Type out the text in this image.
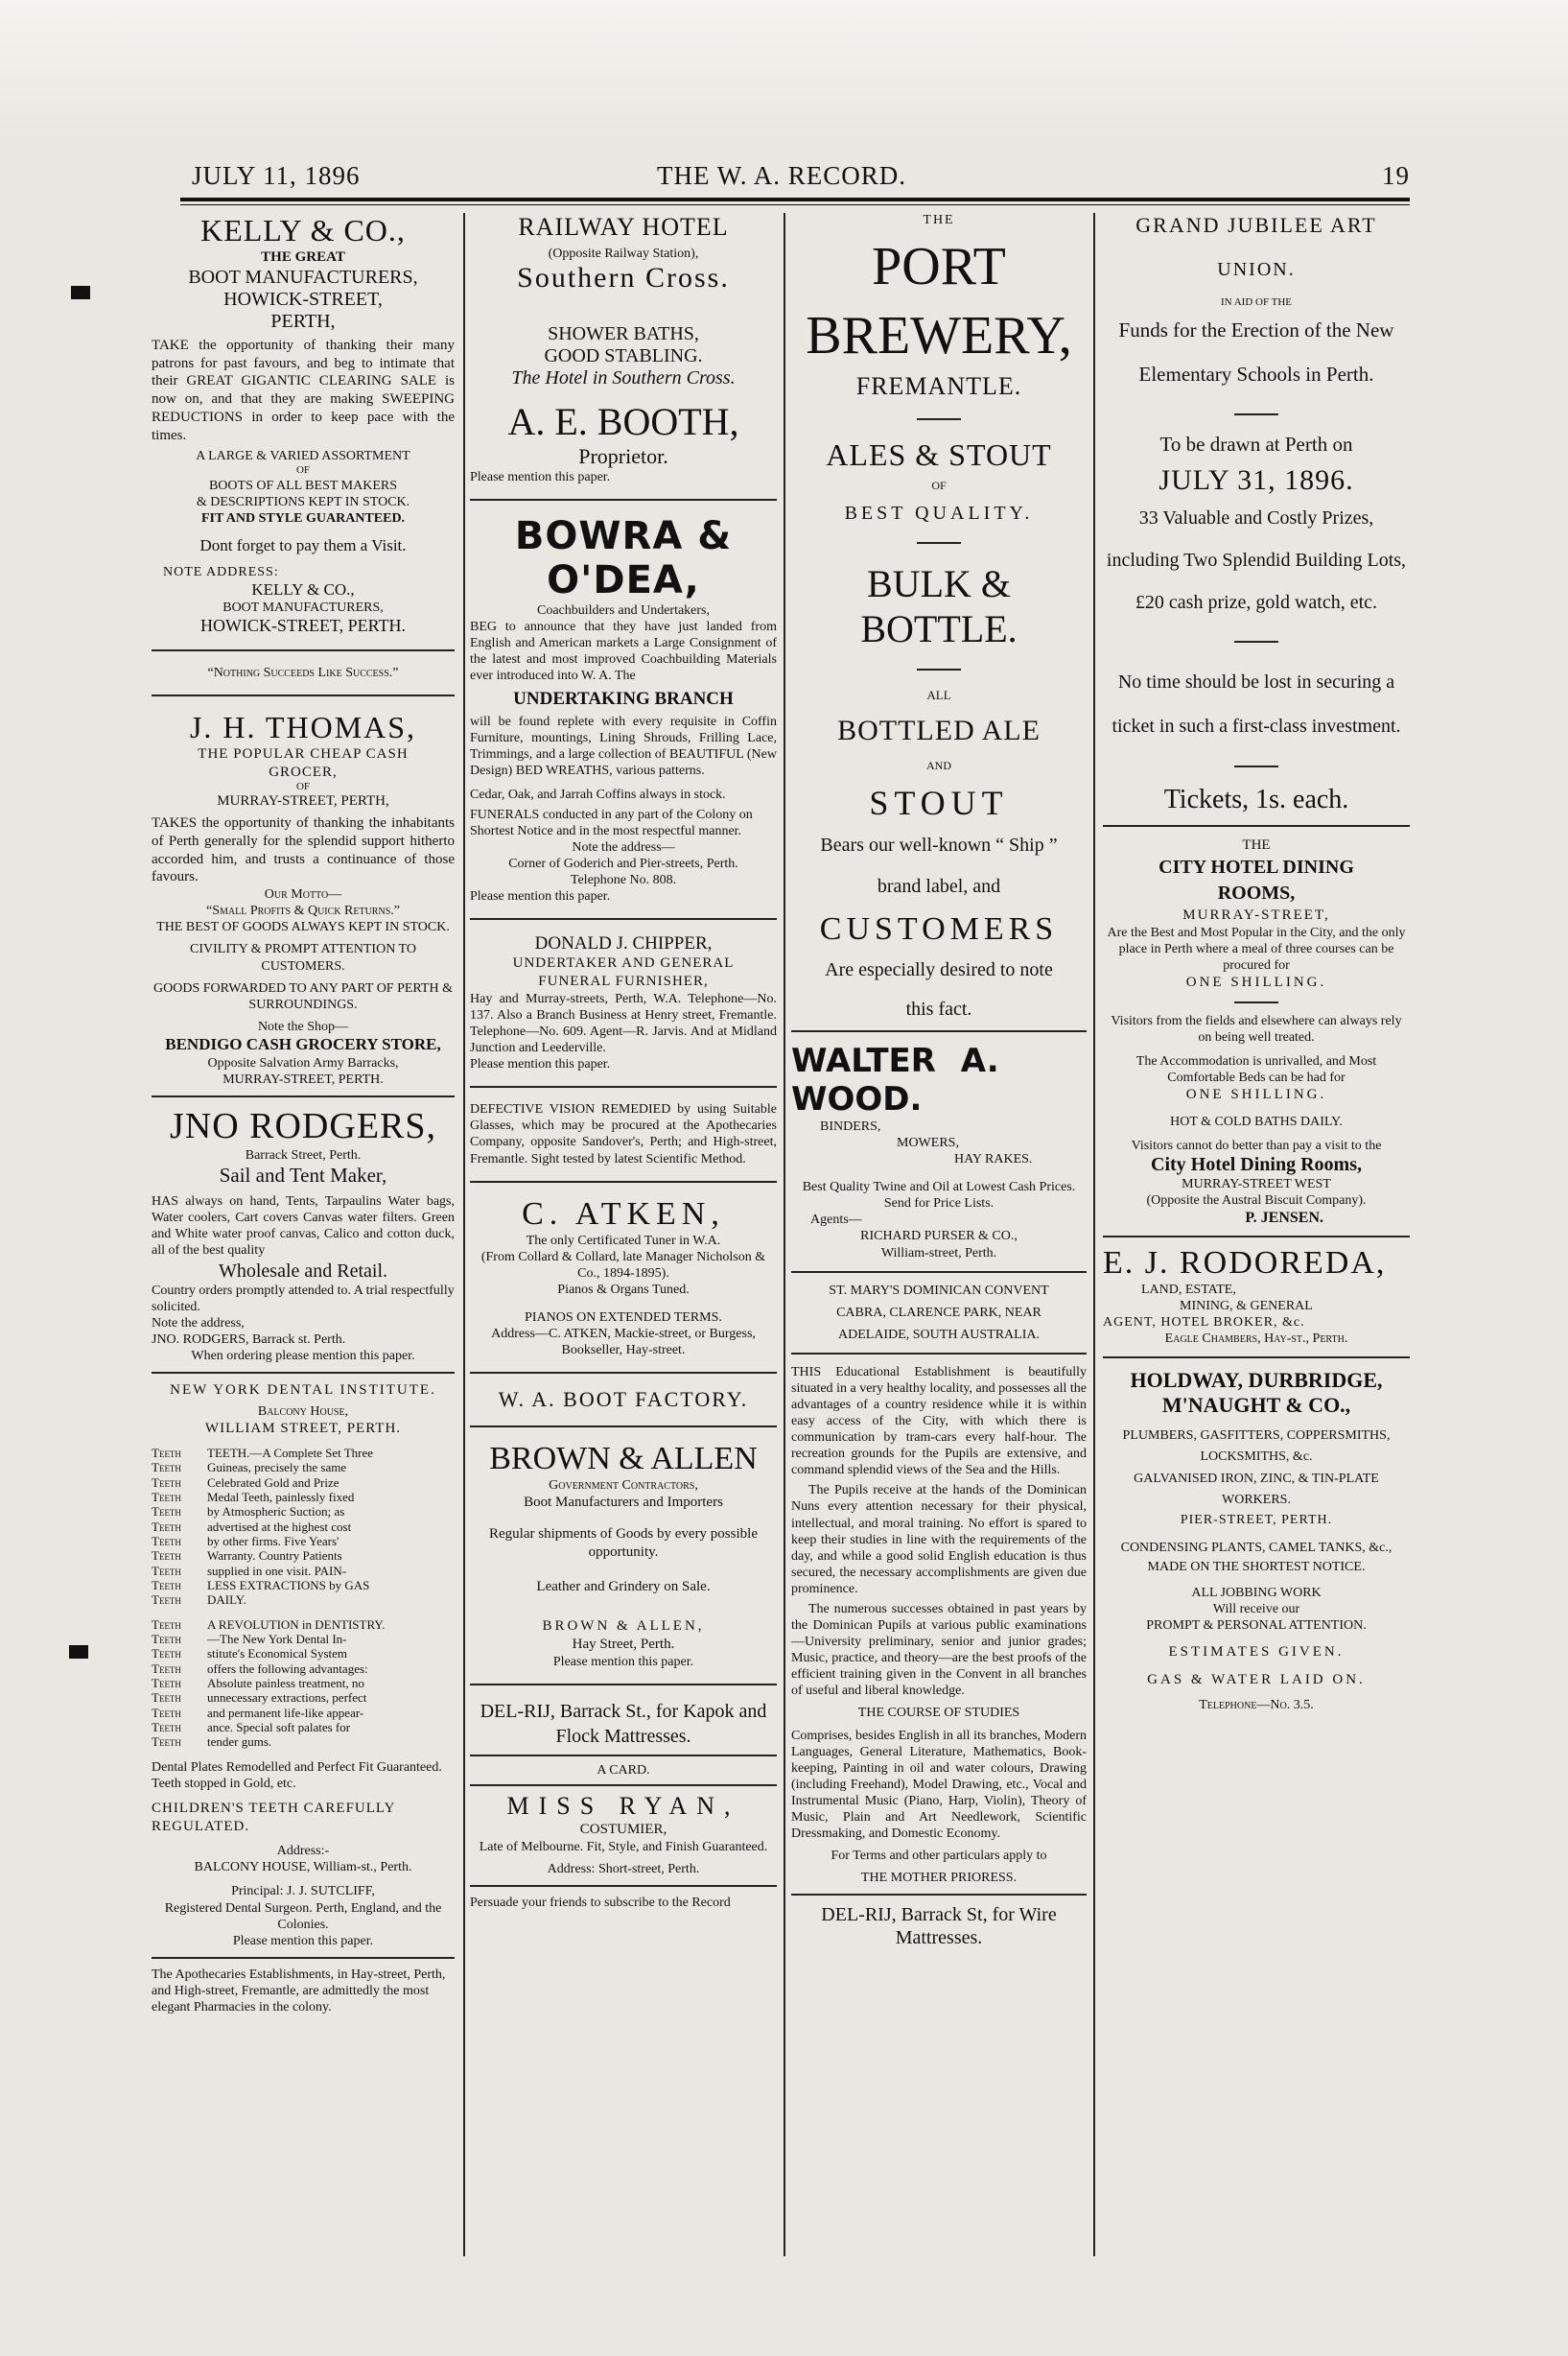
JULY 11, 1896	THE W. A. RECORD.	19
KELLY & CO.,
THE GREAT
BOOT MANUFACTURERS,
HOWICK-STREET,
PERTH,

TAKE the opportunity of thanking their many patrons for past favours, and beg to intimate that their GREAT GIGANTIC CLEARING SALE is now on, and that they are making SWEEPING REDUCTIONS in order to keep pace with the times.

A LARGE & VARIED ASSORTMENT
OF
BOOTS OF ALL BEST MAKERS
& DESCRIPTIONS KEPT IN STOCK.
FIT AND STYLE GUARANTEED.
Dont forget to pay them a Visit.
NOTE ADDRESS:
KELLY & CO.,
BOOT MANUFACTURERS,
HOWICK-STREET, PERTH.
“Nothing Succeeds Like Success.”
J. H. THOMAS,
THE POPULAR CHEAP CASH
GROCER,
OF
MURRAY-STREET, PERTH,

TAKES the opportunity of thanking the inhabitants of Perth generally for the splendid support hitherto accorded him, and trusts a continuance of those favours.

Our Motto—
“Small Profits & Quick Returns.”
THE BEST OF GOODS ALWAYS KEPT IN STOCK.
CIVILITY & PROMPT ATTENTION TO CUSTOMERS.
GOODS FORWARDED TO ANY PART OF PERTH & SURROUNDINGS.
Note the Shop—
BENDIGO CASH GROCERY STORE,
Opposite Salvation Army Barracks,
MURRAY-STREET, PERTH.
JNO RODGERS,
Barrack Street, Perth.
Sail and Tent Maker,

HAS always on hand, Tents, Tarpaulins Water bags, Water coolers, Cart covers Canvas water filters. Green and White water proof canvas, Calico and cotton duck, all of the best quality

Wholesale and Retail.

Country orders promptly attended to. A trial respectfully solicited.

Note the address,
JNO. RODGERS, Barrack st. Perth.
When ordering please mention this paper.
NEW YORK DENTAL INSTITUTE.
Balcony House,
WILLIAM STREET, PERTH.
Teeth	TEETH.—A Complete Set Three
Teeth	Guineas, precisely the same
Teeth	Celebrated Gold and Prize
Teeth	Medal Teeth, painlessly fixed
Teeth	by Atmospheric Suction; as
Teeth	advertised at the highest cost
Teeth	by other firms. Five Years'
Teeth	Warranty. Country Patients
Teeth	supplied in one visit. PAIN-
Teeth	LESS EXTRACTIONS by GAS
Teeth	DAILY.
Teeth	A REVOLUTION in DENTISTRY.
Teeth	—The New York Dental In-
Teeth	stitute's Economical System
Teeth	offers the following advantages:
Teeth	Absolute painless treatment, no
Teeth	unnecessary extractions, perfect
Teeth	and permanent life-like appear-
Teeth	ance. Special soft palates for
Teeth	tender gums.

Dental Plates Remodelled and Perfect Fit Guaranteed. Teeth stopped in Gold, etc.

CHILDREN'S TEETH CAREFULLY REGULATED.
Address:-
BALCONY HOUSE, William-st., Perth.
Principal: J. J. SUTCLIFF,
Registered Dental Surgeon. Perth, England, and the Colonies.
Please mention this paper.

The Apothecaries Establishments, in Hay-street, Perth, and High-street, Fremantle, are admittedly the most elegant Pharmacies in the colony.

RAILWAY HOTEL
(Opposite Railway Station),
Southern Cross.
SHOWER BATHS,
GOOD STABLING.
The Hotel in Southern Cross.
A. E. BOOTH,
Proprietor.
Please mention this paper.
BOWRA & O'DEA,
Coachbuilders and Undertakers,

BEG to announce that they have just landed from English and American markets a Large Consignment of the latest and most improved Coachbuilding Materials ever introduced into W. A. The

UNDERTAKING BRANCH

will be found replete with every requisite in Coffin Furniture, mountings, Lining Shrouds, Frilling Lace, Trimmings, and a large collection of BEAUTIFUL (New Design) BED WREATHS, various patterns.

Cedar, Oak, and Jarrah Coffins always in stock.

FUNERALS conducted in any part of the Colony on Shortest Notice and in the most respectful manner.

Note the address—
Corner of Goderich and Pier-streets, Perth.
Telephone No. 808.
Please mention this paper.
DONALD J. CHIPPER,
UNDERTAKER AND GENERAL
FUNERAL FURNISHER,

Hay and Murray-streets, Perth, W.A. Telephone—No. 137. Also a Branch Business at Henry street, Fremantle. Telephone—No. 609. Agent—R. Jarvis. And at Midland Junction and Leederville.

Please mention this paper.

DEFECTIVE VISION REMEDIED by using Suitable Glasses, which may be procured at the Apothecaries Company, opposite Sandover's, Perth; and High-street, Fremantle. Sight tested by latest Scientific Method.

C. ATKEN,
The only Certificated Tuner in W.A.
(From Collard & Collard, late Manager Nicholson & Co., 1894-1895).
Pianos & Organs Tuned.
PIANOS ON EXTENDED TERMS.
Address—C. ATKEN, Mackie-street, or Burgess, Bookseller, Hay-street.
W. A. BOOT FACTORY.
BROWN & ALLEN
Government Contractors,
Boot Manufacturers and Importers
Regular shipments of Goods by every possible opportunity.
Leather and Grindery on Sale.
BROWN & ALLEN,
Hay Street, Perth.
Please mention this paper.
DEL-RIJ, Barrack St., for Kapok and Flock Mattresses.
A CARD.
MISS RYAN,
COSTUMIER,
Late of Melbourne. Fit, Style, and Finish Guaranteed.
Address: Short-street, Perth.
Persuade your friends to subscribe to the Record
THE
PORT
BREWERY,
FREMANTLE.
ALES & STOUT
OF
BEST QUALITY.
BULK & BOTTLE.
ALL
BOTTLED ALE
AND
STOUT
Bears our well-known “ Ship ”
brand label, and
CUSTOMERS
Are especially desired to note
this fact.
WALTER A. WOOD.
BINDERS,
MOWERS,
HAY RAKES.

Best Quality Twine and Oil at Lowest Cash Prices. Send for Price Lists.

Agents—
RICHARD PURSER & CO.,
William-street, Perth.
ST. MARY'S DOMINICAN CONVENT
CABRA, CLARENCE PARK, NEAR
ADELAIDE, SOUTH AUSTRALIA.

THIS Educational Establishment is beautifully situated in a very healthy locality, and possesses all the advantages of a country residence while it is within easy access of the City, with which there is communication by tram-cars every half-hour. The recreation grounds for the Pupils are extensive, and command splendid views of the Sea and the Hills.

The Pupils receive at the hands of the Dominican Nuns every attention necessary for their physical, intellectual, and moral training. No effort is spared to keep their studies in line with the requirements of the day, and while a good solid English education is thus secured, the necessary accomplishments are given due prominence.

The numerous successes obtained in past years by the Dominican Pupils at various public examinations—University preliminary, senior and junior grades; Music, practice, and theory—are the best proofs of the efficient training given in the Convent in all branches of useful and liberal knowledge.

THE COURSE OF STUDIES

Comprises, besides English in all its branches, Modern Languages, General Literature, Mathematics, Book-keeping, Painting in oil and water colours, Drawing (including Freehand), Model Drawing, etc., Vocal and Instrumental Music (Piano, Harp, Violin), Theory of Music, Plain and Art Needlework, Scientific Dressmaking, and Domestic Economy.

For Terms and other particulars apply to

THE MOTHER PRIORESS.
DEL-RIJ, Barrack St, for Wire Mattresses.
GRAND JUBILEE ART
UNION.
IN AID OF THE

Funds for the Erection of the New Elementary Schools in Perth.

To be drawn at Perth on
JULY 31, 1896.

33 Valuable and Costly Prizes, including Two Splendid Building Lots, £20 cash prize, gold watch, etc.

No time should be lost in securing a ticket in such a first-class investment.

Tickets, 1s. each.
THE
CITY HOTEL DINING ROOMS,
MURRAY-STREET,

Are the Best and Most Popular in the City, and the only place in Perth where a meal of three courses can be procured for

ONE SHILLING.

Visitors from the fields and elsewhere can always rely on being well treated.

The Accommodation is unrivalled, and Most Comfortable Beds can be had for

ONE SHILLING.
HOT & COLD BATHS DAILY.

Visitors cannot do better than pay a visit to the

City Hotel Dining Rooms,
MURRAY-STREET WEST
(Opposite the Austral Biscuit Company).
P. JENSEN.
E. J. RODOREDA,
LAND, ESTATE,
MINING, & GENERAL
AGENT, HOTEL BROKER, &c.
Eagle Chambers, Hay-st., Perth.
HOLDWAY, DURBRIDGE,
M'NAUGHT & CO.,

PLUMBERS, GASFITTERS, COPPERSMITHS, LOCKSMITHS, &c.

GALVANISED IRON, ZINC, & TIN-PLATE WORKERS.

PIER-STREET, PERTH.

CONDENSING PLANTS, CAMEL TANKS, &c.,

MADE ON THE SHORTEST NOTICE.
ALL JOBBING WORK
Will receive our
PROMPT & PERSONAL ATTENTION.
ESTIMATES GIVEN.
GAS & WATER LAID ON.
Telephone—No. 3.5.
